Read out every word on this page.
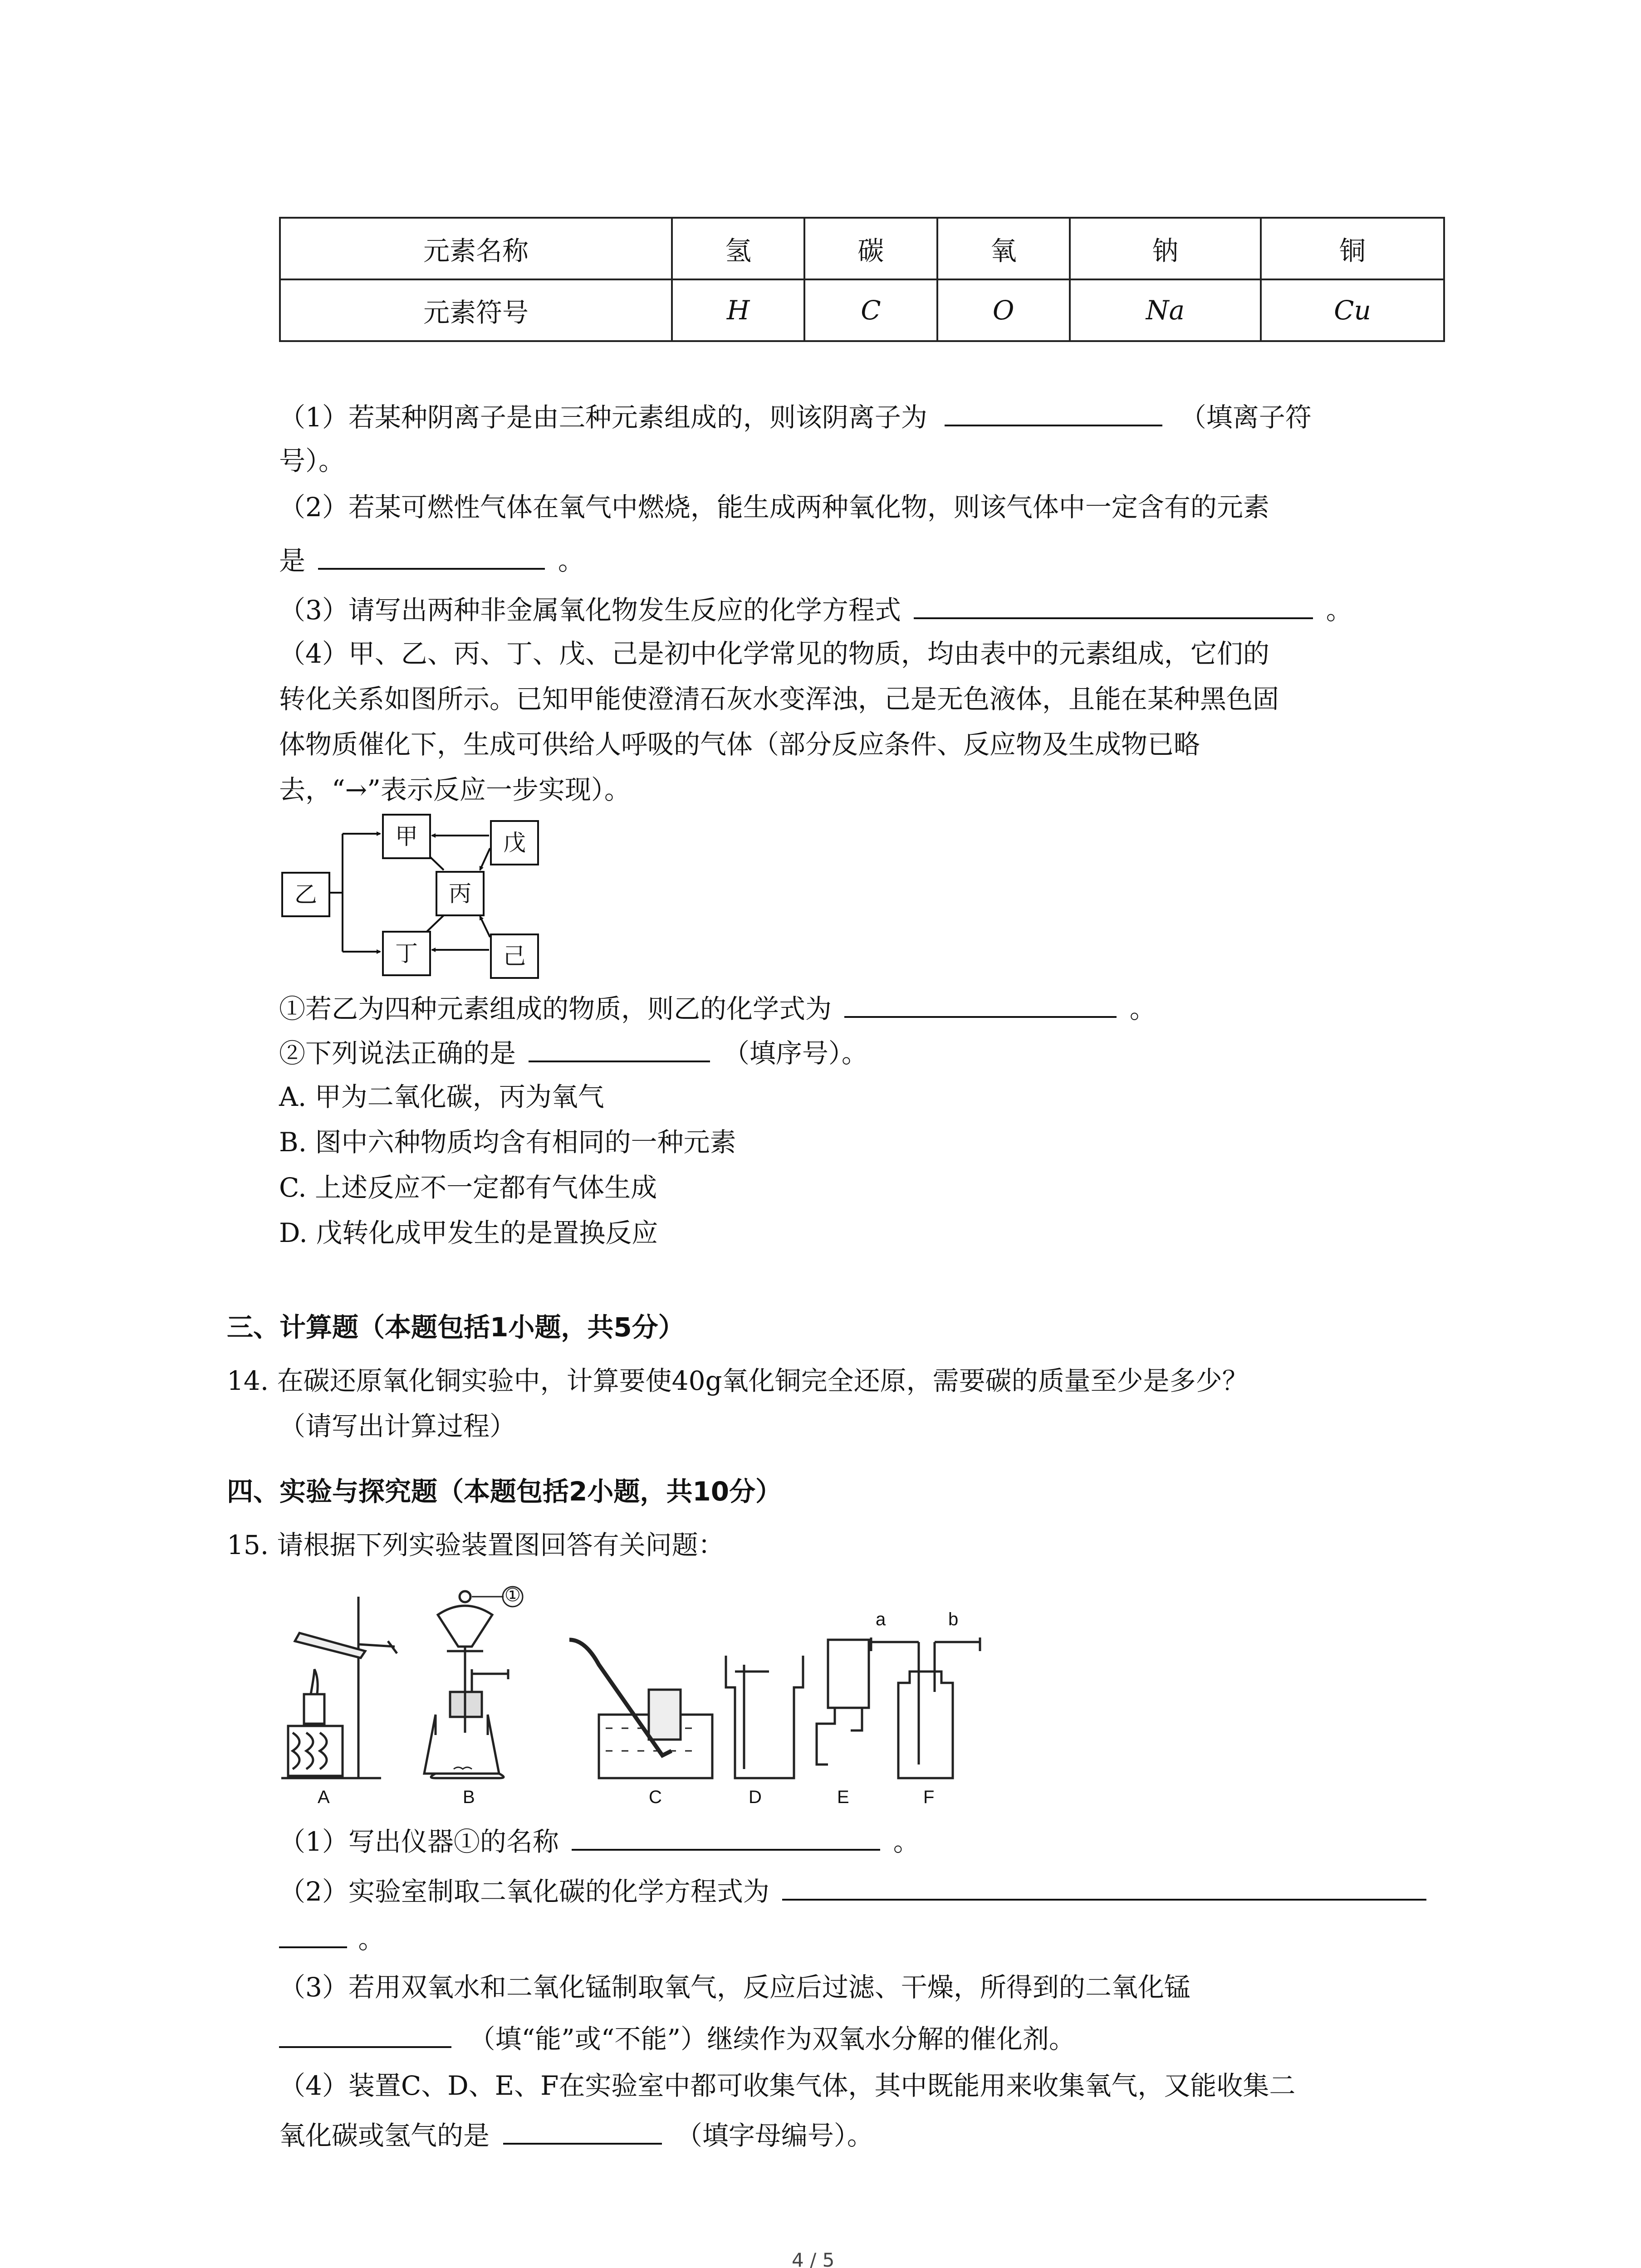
元素名称	氢	碳	氧	钠	铜
元素符号	H	C	O	Na	Cu
（1）若某种阴离子是由三种元素组成的，则该阴离子为	（填离子符
号）。
（2）若某可燃性气体在氧气中燃烧，能生成两种氧化物，则该气体中一定含有的元素
是	。
（3）请写出两种非金属氧化物发生反应的化学方程式	。
（4）甲、乙、丙、丁、戊、己是初中化学常见的物质，均由表中的元素组成，它们的
转化关系如图所示。已知甲能使澄清石灰水变浑浊，己是无色液体，且能在某种黑色固
体物质催化下，生成可供给人呼吸的气体（部分反应条件、反应物及生成物已略
去，“→”表示反应一步实现）。
乙
甲	戊
丙
丁	己
①若乙为四种元素组成的物质，则乙的化学式为	。
②下列说法正确的是	（填序号）。
A. 甲为二氧化碳，丙为氧气
B. 图中六种物质均含有相同的一种元素
C. 上述反应不一定都有气体生成
D. 戊转化成甲发生的是置换反应
三、计算题（本题包括1小题，共5分）
14. 在碳还原氧化铜实验中，计算要使40g氧化铜完全还原，需要碳的质量至少是多少？
（请写出计算过程）
四、实验与探究题（本题包括2小题，共10分）
15. 请根据下列实验装置图回答有关问题：
a	b
①
A	B	C	D	E	F
（1）写出仪器①的名称	。
（2）实验室制取二氧化碳的化学方程式为
。
（3）若用双氧水和二氧化锰制取氧气，反应后过滤、干燥，所得到的二氧化锰
（填“能”或“不能”）继续作为双氧水分解的催化剂。
（4）装置C、D、E、F在实验室中都可收集气体，其中既能用来收集氧气，又能收集二
氧化碳或氢气的是	（填字母编号）。
4 / 5
